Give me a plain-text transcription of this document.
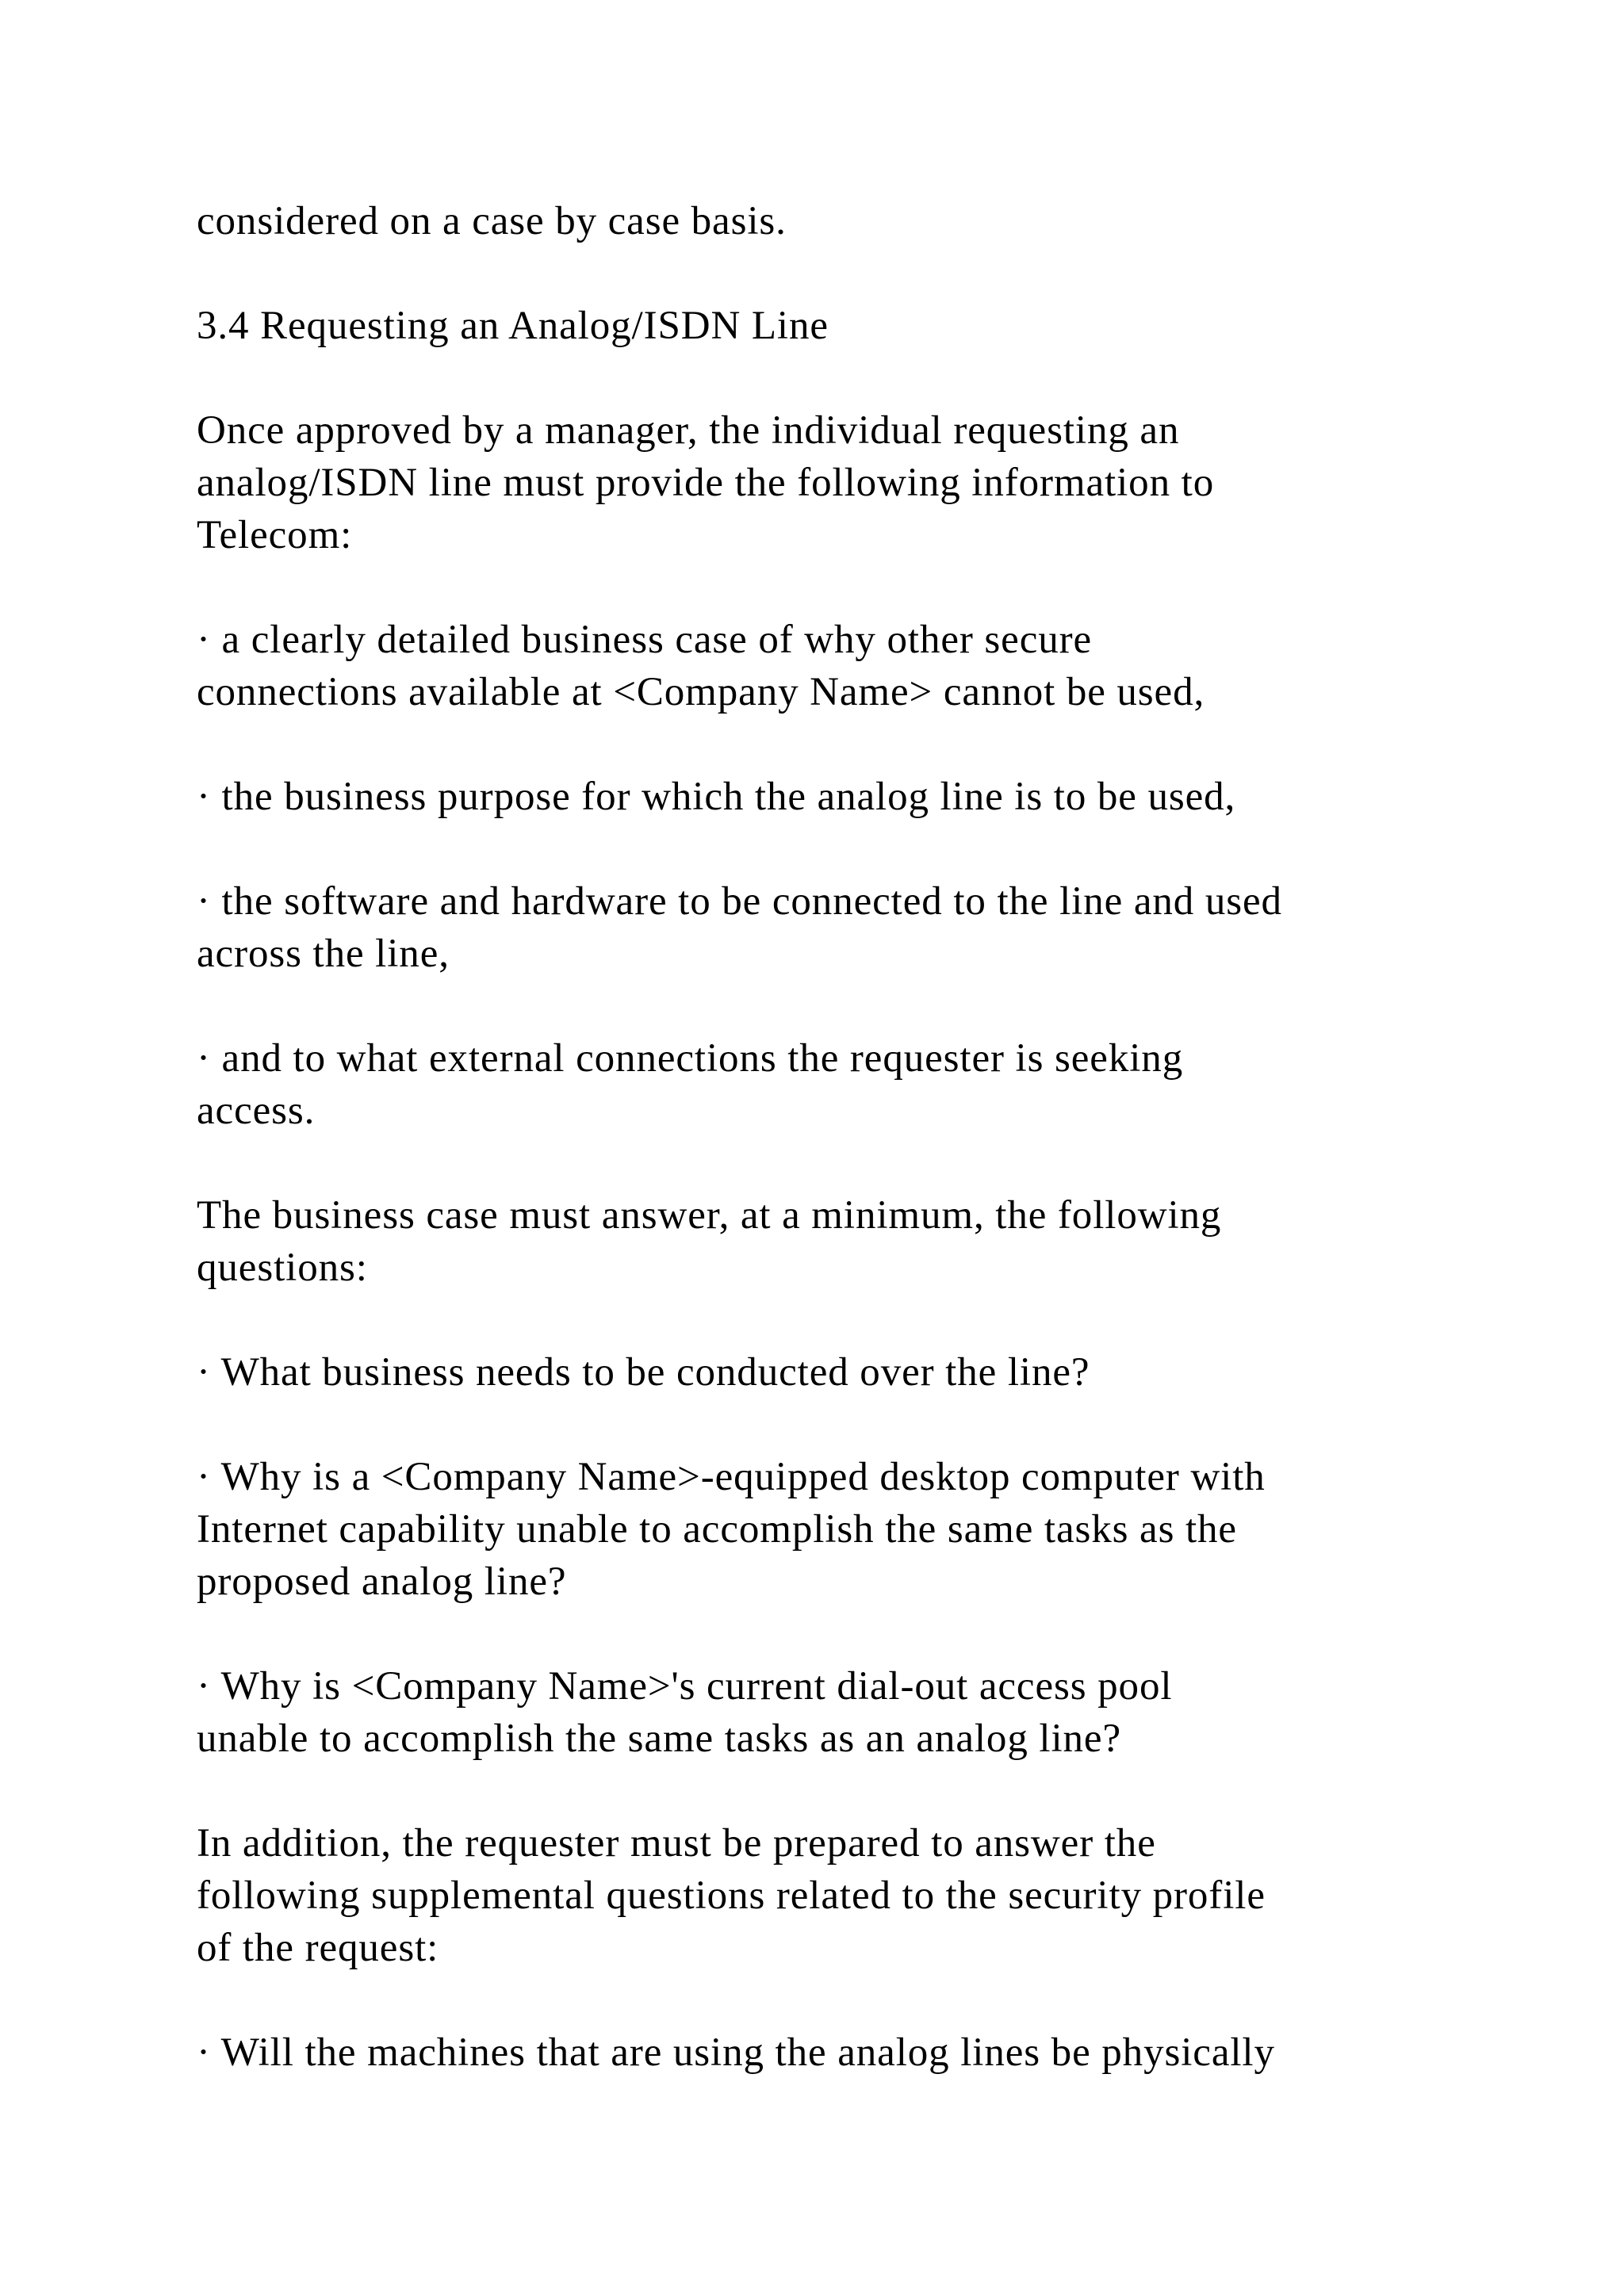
considered on a case by case basis.
3.4 Requesting an Analog/ISDN Line
Once approved by a manager, the individual requesting an
analog/ISDN line must provide the following information to
Telecom:
· a clearly detailed business case of why other secure
connections available at <Company Name> cannot be used,
· the business purpose for which the analog line is to be used,
· the software and hardware to be connected to the line and used
across the line,
· and to what external connections the requester is seeking
access.
The business case must answer, at a minimum, the following
questions:
· What business needs to be conducted over the line?
· Why is a <Company Name>-equipped desktop computer with
Internet capability unable to accomplish the same tasks as the
proposed analog line?
· Why is <Company Name>'s current dial-out access pool
unable to accomplish the same tasks as an analog line?
In addition, the requester must be prepared to answer the
following supplemental questions related to the security profile
of the request:
· Will the machines that are using the analog lines be physically
